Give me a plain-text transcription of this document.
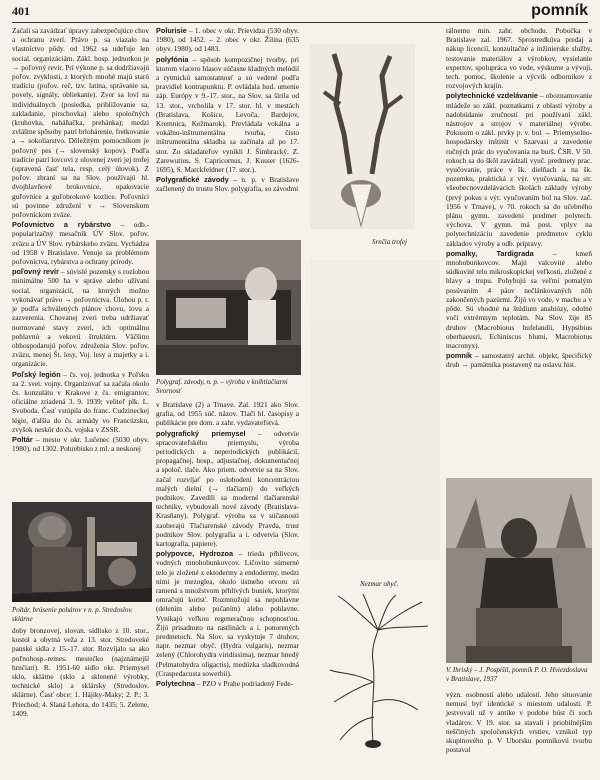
401	pomník

Začali sa zavádzať úpravy zabezpečujúce chov a ochranu zverí. Právo p. sa viazalo na vlastníctvo pôdy. od 1962 sa udeľuje len social. organizáciám. Zákl. hosp. jednotkou je → poľovný revír. Pri výkone p. sa dodržiavajú poľov. zvyklosti, z ktorých mnohé majú starú tradíciu (poľov. reč, tzv. latina, správanie sa, povely, signály, obliekanie). Zver sa loví na individuálnych (posiedka, približovanie sa, zakladanie, pirschovka) alebo spoločných (kruhovka, naháňačka, prehánka); medzi zvláštne spôsoby patrí brlohárenie, fretkovanie a → sokoliarstvo. Dôležitým pomocníkom je poľovný pes (→ slovenský kopov). Podľa tradície patrí lovcovi z ulovenej zveri jej trofej (upravená časť tela, resp. celý úlovok). Z poľov. zbraní sa na Slov. používajú hl. dvojhlavňové brokovnice, opakovacie guľovnice a guľobrokové kozlice. Poľovníci sú povinne združení v → Slovenskom poľovníckom zväze.

Poľovníctvo a rybárstvo – odb.-popularizačný mesačník ÚV Slov. poľov. zväzu a ÚV Slov. rybárskeho zväzu. Vychádza od 1958 v Bratislave. Venuje sa problémom poľovníctva, rybárstva a ochrany prírody.

poľovný revír – súvislé pozemky s rozlohou minimálne 500 ha v správe alebo užívaní social. organizácií, na ktorých možno vykonávať právo → poľovníctva. Úlohou p. r. je podľa schválených plánov chovu, lovu a zazverenia. Chovanej zveri treba udržiavať normované stavy zverí, ich optimálnu pohlavnú a vekovú štruktúru. Väčšinu obhospodarujú poľov. združenia Slov. poľov. zväzu, menej Št. lesy, Voj. lesy a majetky a i. organizácie.

Poľský legión – čs. voj. jednotka v Poľsku za 2. svet. vojny. Organizovať sa začala okolo čs. konzulátu v Krakove z čs. emigrantov, oficiálne zriadená 3. 9. 1939; veliteľ plk. L. Svoboda. Časť vstúpila do franc. Cudzineckej légie, ďalšia do čs. armády vo Francúzsku, zvyšok neskôr do čs. vojska v ZSSR.

Poltár – mesto v okr. Lučenec (5030 obyv. 1980), od 1302. Pohrebisko z ml. a neskorej

Poltár, brúsenie pohárov v n. p. Stredoslov. sklárne
doby bronzovej, slovan. sídlisko z 10. stor., kostol a obytná veža z 13. stor. Stredoveké panské sídla z 15.-17. stor. Rozvíjalo sa ako poľnohosp.-remes. mestečko (najznámejší hrnčiari). R. 1951-60 sídlo okr. Priemysel sklo, sklárne (sklo a sklenené výrobky, technické sklo) a sklársky (Stredoslov. sklárne). Časť obce: 1. Hájiky-Maky; 2. P.; 3. Priechod; 4. Slaná Lehota, do 1435; 5. Zelene, 1409.

Polurisie – 1. obec v okr. Prievidza (530 obyv. 1980), od 1452. – 2. obec v okr. Žilina (635 obyv. 1980), od 1483.

polyfónia – spôsob kompozičnej tvorby, pri ktorom viacero hlasov súčasne kladných melódií a rytmickú samostatnosť a sú vedené podľa pravidiel kontrapunktu. P. ovládala hud. umenie záp. Európy v 9.-17. stor., na Slov. sa šírila od 13. stor., vrcholila v 17. stor. hl. v mestách (Bratislava, Košice, Levoča, Bardejov, Kremnica, Kežmarok). Prevládala vokálna a vokálno-inštrumentálna tvorba, čisto inštrumentálna skladba sa začínala až po 17. stor. Zo skladateľov vynikli J. Šimbracký, Z. Zarewutius, S. Capricornus, J. Kusser (1626-1695), S. Marckfeldner (17. stor.).

Polygrafické závody – n. p. v Bratislave začlenený do trustu Slov. polygrafia, so závodmi

Srnčia trofej
Polygraf. závody, n. p. – výroba v kníhtlačiarni Svornosť

v Bratislave (2) a Trnave. Zal. 1921 ako Slov. grafia, od 1955 súč. názov. Tlačí hl. časopisy a publikácie pre dom. a zahr. vydavateľstvá.

polygrafický priemysel – odvetvie spracovateľského priemyslu, výroba periodických a neperiodických publikácií, propagačnej, hosp., adjustačnej, dokumentačnej a spoloč. tlače. Ako priem. odvetvie sa na Slov. začal rozvíjať po oslobodení koncentráciou malých dielní (→ tlačiarní) do veľkých podnikov. Zavedili sa moderné tlačiarenské techniky, vybudovali nové závody (Bratislava-Krasňany). Polygraf. výroba sa v súčasnosti zaoberajú Tlačiarenské závody Pravda, trust podnikov Slov. polygrafia a i. odvetvia (Slov. kartografia, papiere).

polypovce, Hydrozoa – trieda pŕhlivcov, vodných mnohobunkovcov. Ličovito súmerné telo je zložené z ektodermy a endodermy, medzi nimi je mezoglea, okolo ústneho otvoru sú ramená s množstvom pŕhlivých buniek, ktorými omračujú korisť. Rozmnožujú sa nepohlavne (delením alebo pučaním) alebo pohlavne. Vynikajú veľkou regeneračnou schopnosťou. Žijú prisadnuto na rastlinách a i. ponorených predmetoch. Na Slov. sa vyskytuje 7 druhov, napr. nezmar obyč. (Hydra vulgaris), nezmar zelený (Chlorohydra viridissima), nezmar hnedý (Pelmatohydra oligactis), medúzka sladkovodná (Craspedacusta sowerbii).

Polytechna – PZO v Prahe podriadený Fede-

Nezmar obyč.

rálnemu min. zahr. obchodu. Pobočka v Bratislave zal. 1967. Sprostredkúva predaj a nákup licencií, konzultačné a inžinierske služby, testovanie materiálov a výrobkov, vysielanie expertov, spolupráca vo vede, výskume a vývoji, tech. pomoc, školenie a výcvik odborníkov z rozvojových krajín.

polytechnické vzdelávanie – oboznamovanie mládeže so zákl. poznatkami z oblastí výroby a nadobúdanie zručností pri používaní zákl. nástrojov a strojov v materiálnej výrobe. Pokusom o zákl. prvky p. v. bol → Priemyselno-hospodársky inštitút v Szarvasi a zavedenie ručných prác do vyučovania na burš. ČSR. V 50. rokoch sa do škôl zavádzali vyuč. predmety prac. vyučovanie, práce v šk. dielňach a na šk. pozemku, praktická z výr. vyučovania, na str. všeobecnovzdelávacích školách základy výroby (prvý pokus s výr. vyučovaním bol na Slov. zač. 1956 v Trnave), v 70. rokoch sa do učebného plánu gymn. zavedení predmet polytech. výchova. V gymn. má post. vplyv na polytechnizáciu zavedenie predmetov cyklu základov výroby a odb. prípravy.

pomalky, Tardigrada – kmeň mnohobunkovcov. Majú valcovité alebo súdkovité telo mikroskopickej veľkosti, zložené z hlavy a trupu. Pohybujú sa veľmi pomalým posúvaním 4 páov nečlánkovaných nôh zakončených pazúrmi. Žijú vo vode, v machu a v pôde. Sú vhodné na štúdium anabiózy, odolné voči extrémnym teplotám. Na Slov. žije 85 druhov (Macrobiotus hufelandii, Hypsibius oberhaeusri, Echiniscus blumi, Macrobiotus macronyx).

pomník – samostatný archit. objekt, špecifický druh → pamätníka postavený na oslavu hist.

V. Ihriský – J. Pospíšil, pomník P. O. Hviezdoslava v Bratislave, 1937
význ. osobností alebo udalostí. Jeho situovanie nemusí byť identické s miestom udalostí. P. jestvovali už v antike v podobe búst či soch vladárov. V 19. stor. sa stavali i priobilnéjším neščiných spoločenských vrstiev, vznikol typ skupinového p. V Uhorsku pomníkovú tvorbu postaval
